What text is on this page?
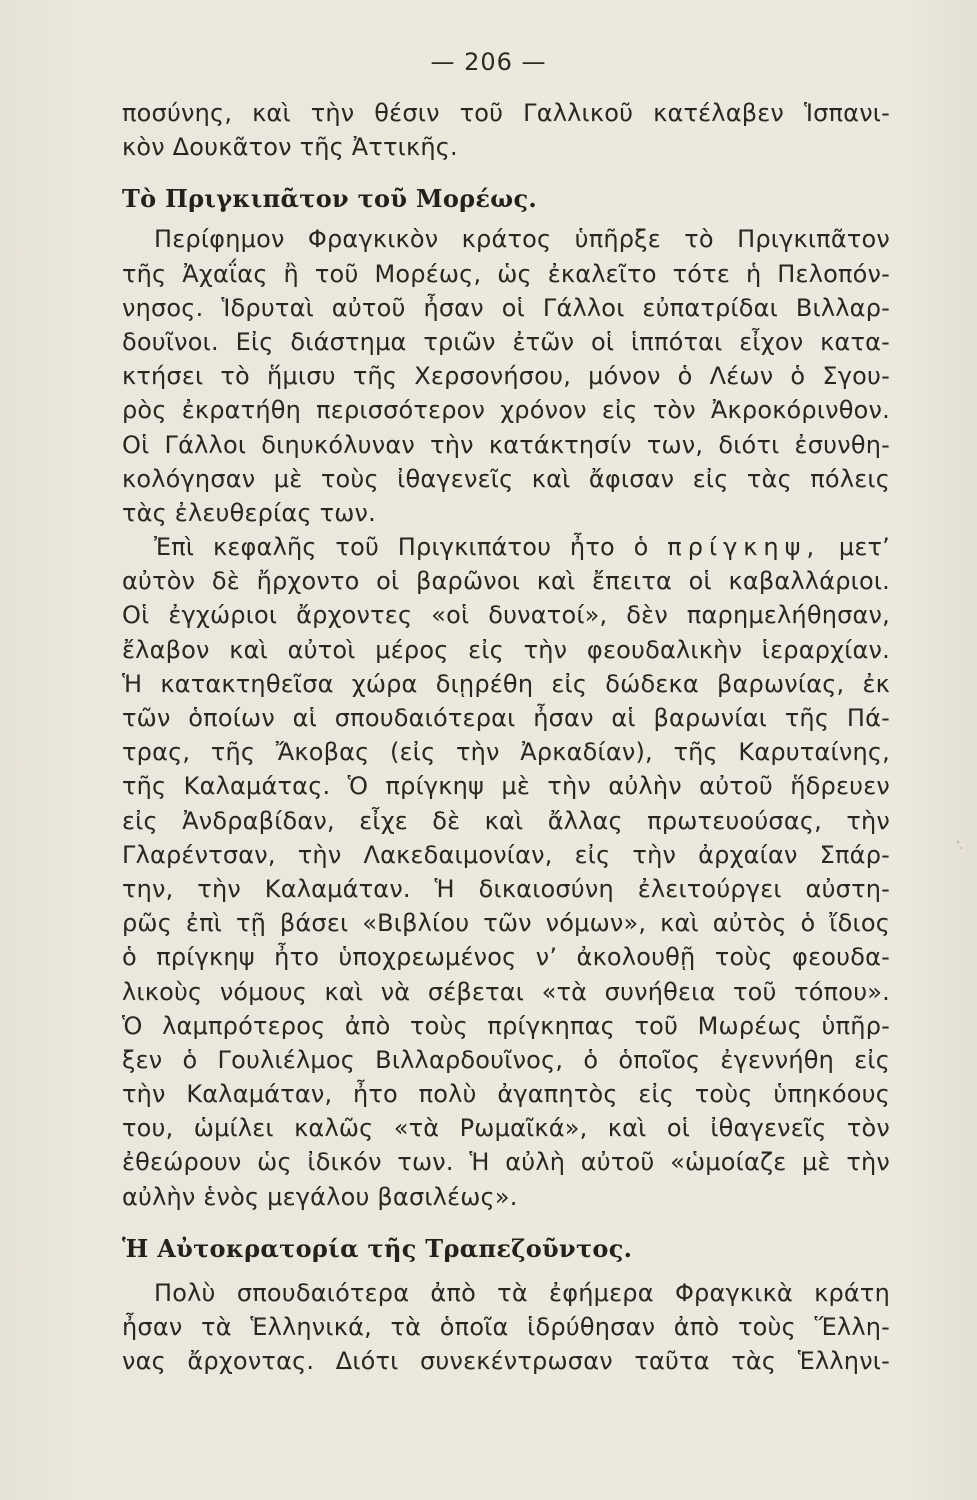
— 206 —
ποσύνης, καὶ τὴν θέσιν τοῦ Γαλλικοῦ κατέλαβεν Ἱσπανι-
κὸν Δουκᾶτον τῆς Ἀττικῆς.
Τὸ Πριγκιπᾶτον τοῦ Μορέως.
Περίφημον Φραγκικὸν κράτος ὑπῆρξε τὸ Πριγκιπᾶτον
τῆς Ἀχαΐας ἢ τοῦ Μορέως, ὡς ἐκαλεῖτο τότε ἡ Πελοπόν-
νησος. Ἱδρυταὶ αὐτοῦ ἦσαν οἱ Γάλλοι εὐπατρίδαι Βιλλαρ-
δουῖνοι. Εἰς διάστημα τριῶν ἐτῶν οἱ ἱππόται εἶχον κατα-
κτήσει τὸ ἥμισυ τῆς Χερσονήσου, μόνον ὁ Λέων ὁ Σγου-
ρὸς ἐκρατήθη περισσότερον χρόνον εἰς τὸν Ἀκροκόρινθον.
Οἱ Γάλλοι διηυκόλυναν τὴν κατάκτησίν των, διότι ἐσυνθη-
κολόγησαν μὲ τοὺς ἰθαγενεῖς καὶ ἄφισαν εἰς τὰς πόλεις
τὰς ἐλευθερίας των.
Ἐπὶ κεφαλῆς τοῦ Πριγκιπάτου ἦτο ὁ πρίγκηψ, μετ’
αὐτὸν δὲ ἤρχοντο οἱ βαρῶνοι καὶ ἔπειτα οἱ καβαλλάριοι.
Οἱ ἐγχώριοι ἄρχοντες «οἱ δυνατοί», δὲν παρημελήθησαν,
ἔλαβον καὶ αὐτοὶ μέρος εἰς τὴν φεουδαλικὴν ἱεραρχίαν.
Ἡ κατακτηθεῖσα χώρα διῃρέθη εἰς δώδεκα βαρωνίας, ἐκ
τῶν ὁποίων αἱ σπουδαιότεραι ἦσαν αἱ βαρωνίαι τῆς Πά-
τρας, τῆς Ἄκοβας (εἰς τὴν Ἀρκαδίαν), τῆς Καρυταίνης,
τῆς Καλαμάτας. Ὁ πρίγκηψ μὲ τὴν αὐλὴν αὐτοῦ ἥδρευεν
εἰς Ἀνδραβίδαν, εἶχε δὲ καὶ ἄλλας πρωτευούσας, τὴν
Γλαρέντσαν, τὴν Λακεδαιμονίαν, εἰς τὴν ἀρχαίαν Σπάρ-
την, τὴν Καλαμάταν. Ἡ δικαιοσύνη ἐλειτούργει αὐστη-
ρῶς ἐπὶ τῇ βάσει «Βιβλίου τῶν νόμων», καὶ αὐτὸς ὁ ἴδιος
ὁ πρίγκηψ ἦτο ὑποχρεωμένος ν’ ἀκολουθῇ τοὺς φεουδα-
λικοὺς νόμους καὶ νὰ σέβεται «τὰ συνήθεια τοῦ τόπου».
Ὁ λαμπρότερος ἀπὸ τοὺς πρίγκηπας τοῦ Μωρέως ὑπῆρ-
ξεν ὁ Γουλιέλμος Βιλλαρδουῖνος, ὁ ὁποῖος ἐγεννήθη εἰς
τὴν Καλαμάταν, ἦτο πολὺ ἀγαπητὸς εἰς τοὺς ὑπηκόους
του, ὡμίλει καλῶς «τὰ Ρωμαῖκά», καὶ οἱ ἰθαγενεῖς τὸν
ἐθεώρουν ὡς ἰδικόν των. Ἡ αὐλὴ αὐτοῦ «ὡμοίαζε μὲ τὴν
αὐλὴν ἑνὸς μεγάλου βασιλέως».
Ἡ Αὐτοκρατορία τῆς Τραπεζοῦντος.
Πολὺ σπουδαιότερα ἀπὸ τὰ ἐφήμερα Φραγκικὰ κράτη
ἦσαν τὰ Ἑλληνικά, τὰ ὁποῖα ἱδρύθησαν ἀπὸ τοὺς Ἕλλη-
νας ἄρχοντας. Διότι συνεκέντρωσαν ταῦτα τὰς Ἑλληνι-
